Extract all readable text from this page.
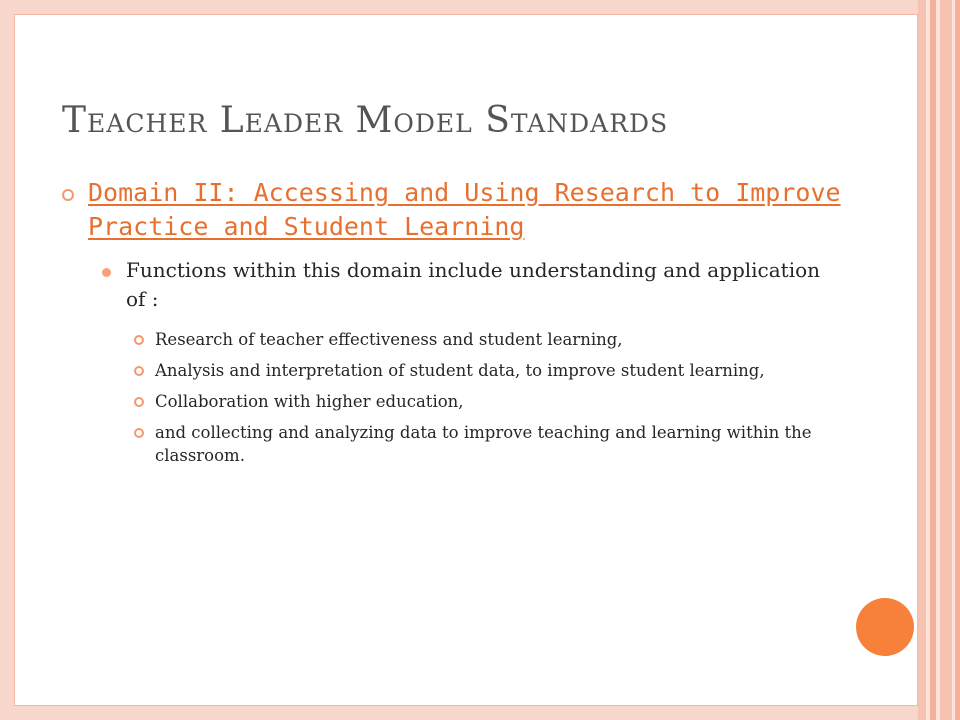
Teacher Leader Model Standards
Domain II: Accessing and Using Research to Improve Practice and Student Learning
Functions within this domain include understanding and application of :
Research of teacher effectiveness and student learning,
Analysis and interpretation of student data, to improve student learning,
Collaboration with higher education,
and collecting and analyzing data to improve teaching and learning within the classroom.
